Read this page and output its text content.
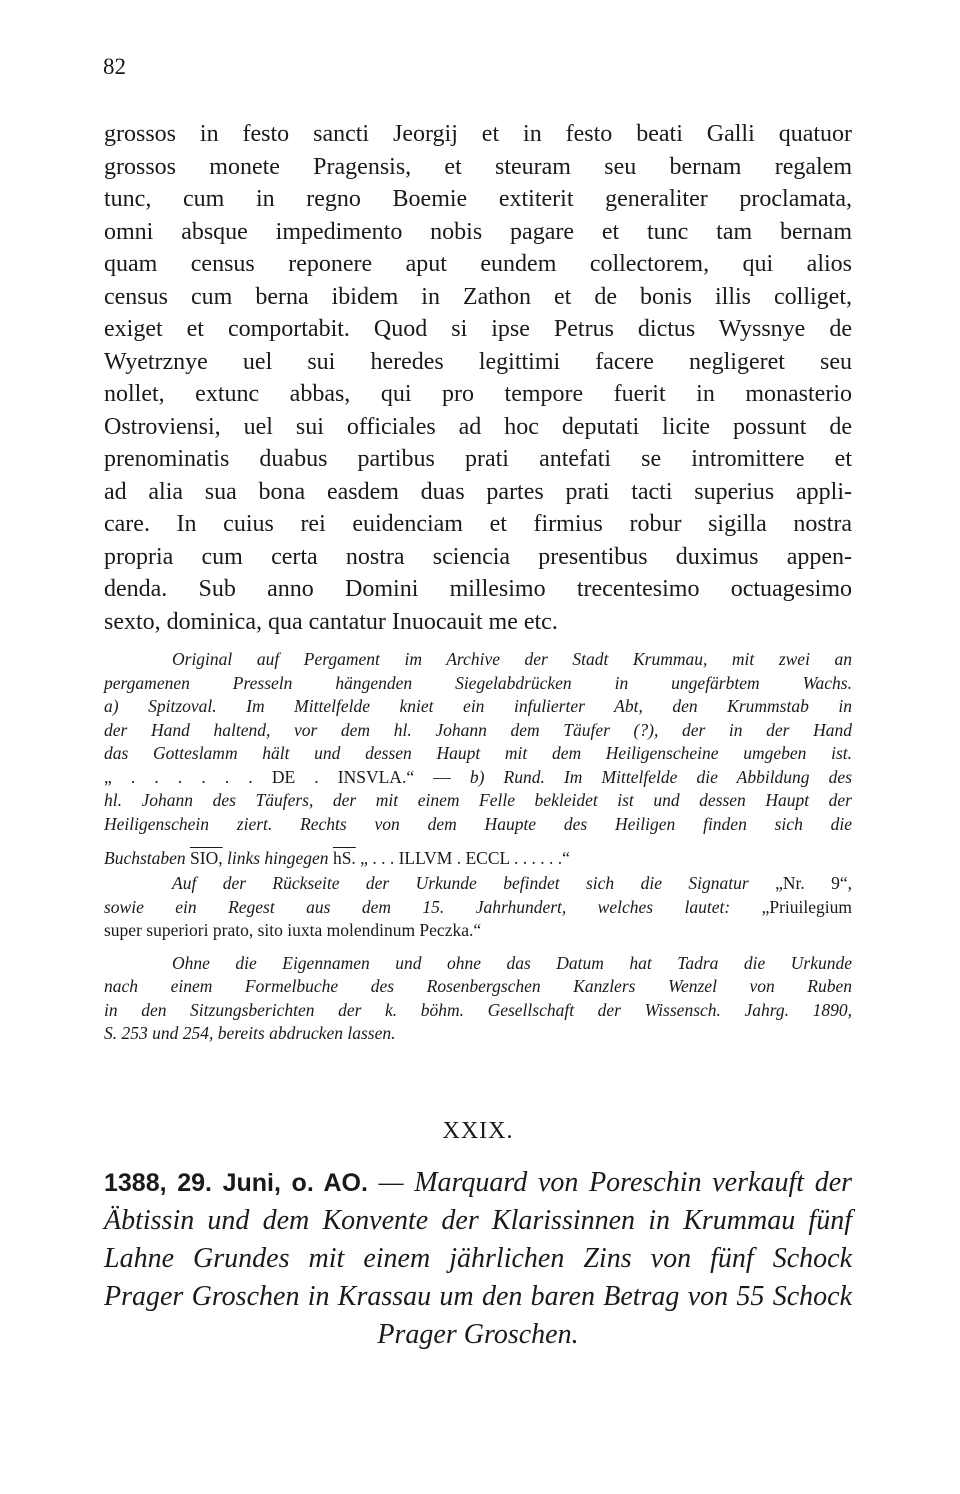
82
grossos in festo sancti Jeorgij et in festo beati Galli quatuor
grossos monete Pragensis, et steuram seu bernam regalem
tunc, cum in regno Boemie extiterit generaliter proclamata,
omni absque impedimento nobis pagare et tunc tam bernam
quam census reponere aput eundem collectorem, qui alios
census cum berna ibidem in Zathon et de bonis illis colliget,
exiget et comportabit. Quod si ipse Petrus dictus Wyssnye de
Wyetrznye uel sui heredes legittimi facere negligeret seu
nollet, extunc abbas, qui pro tempore fuerit in monasterio
Ostroviensi, uel sui officiales ad hoc deputati licite possunt de
prenominatis duabus partibus prati antefati se intromittere et
ad alia sua bona easdem duas partes prati tacti superius appli-
care. In cuius rei euidenciam et firmius robur sigilla nostra
propria cum certa nostra sciencia presentibus duximus appen-
denda. Sub anno Domini millesimo trecentesimo octuagesimo
sexto, dominica, qua cantatur Inuocauit me etc.
Original auf Pergament im Archive der Stadt Krummau, mit zwei an
pergamenen Presseln hängenden Siegelabdrücken in ungefärbtem Wachs.
a) Spitzoval. Im Mittelfelde kniet ein infulierter Abt, den Krummstab in
der Hand haltend, vor dem hl. Johann dem Täufer (?), der in der Hand
das Gotteslamm hält und dessen Haupt mit dem Heiligenscheine umgeben ist.
„ . . . . . . DE . INSVLA.“ — b) Rund. Im Mittelfelde die Abbildung des
hl. Johann des Täufers, der mit einem Felle bekleidet ist und dessen Haupt der
Heiligenschein ziert. Rechts von dem Haupte des Heiligen finden sich die
Buchstaben SIO, links hingegen hS. „ . . . ILLVM . ECCL . . . . . .“
Auf der Rückseite der Urkunde befindet sich die Signatur „Nr. 9“,
sowie ein Regest aus dem 15. Jahrhundert, welches lautet: „Priuilegium
super superiori prato, sito iuxta molendinum Peczka.“
Ohne die Eigennamen und ohne das Datum hat Tadra die Urkunde
nach einem Formelbuche des Rosenbergschen Kanzlers Wenzel von Ruben
in den Sitzungsberichten der k. böhm. Gesellschaft der Wissensch. Jahrg. 1890,
S. 253 und 254, bereits abdrucken lassen.
XXIX.
1388, 29. Juni, o. AO. — Marquard von Poreschin verkauft der
Äbtissin und dem Konvente der Klarissinnen in Krummau fünf
Lahne Grundes mit einem jährlichen Zins von fünf Schock
Prager Groschen in Krassau um den baren Betrag von 55 Schock
Prager Groschen.
